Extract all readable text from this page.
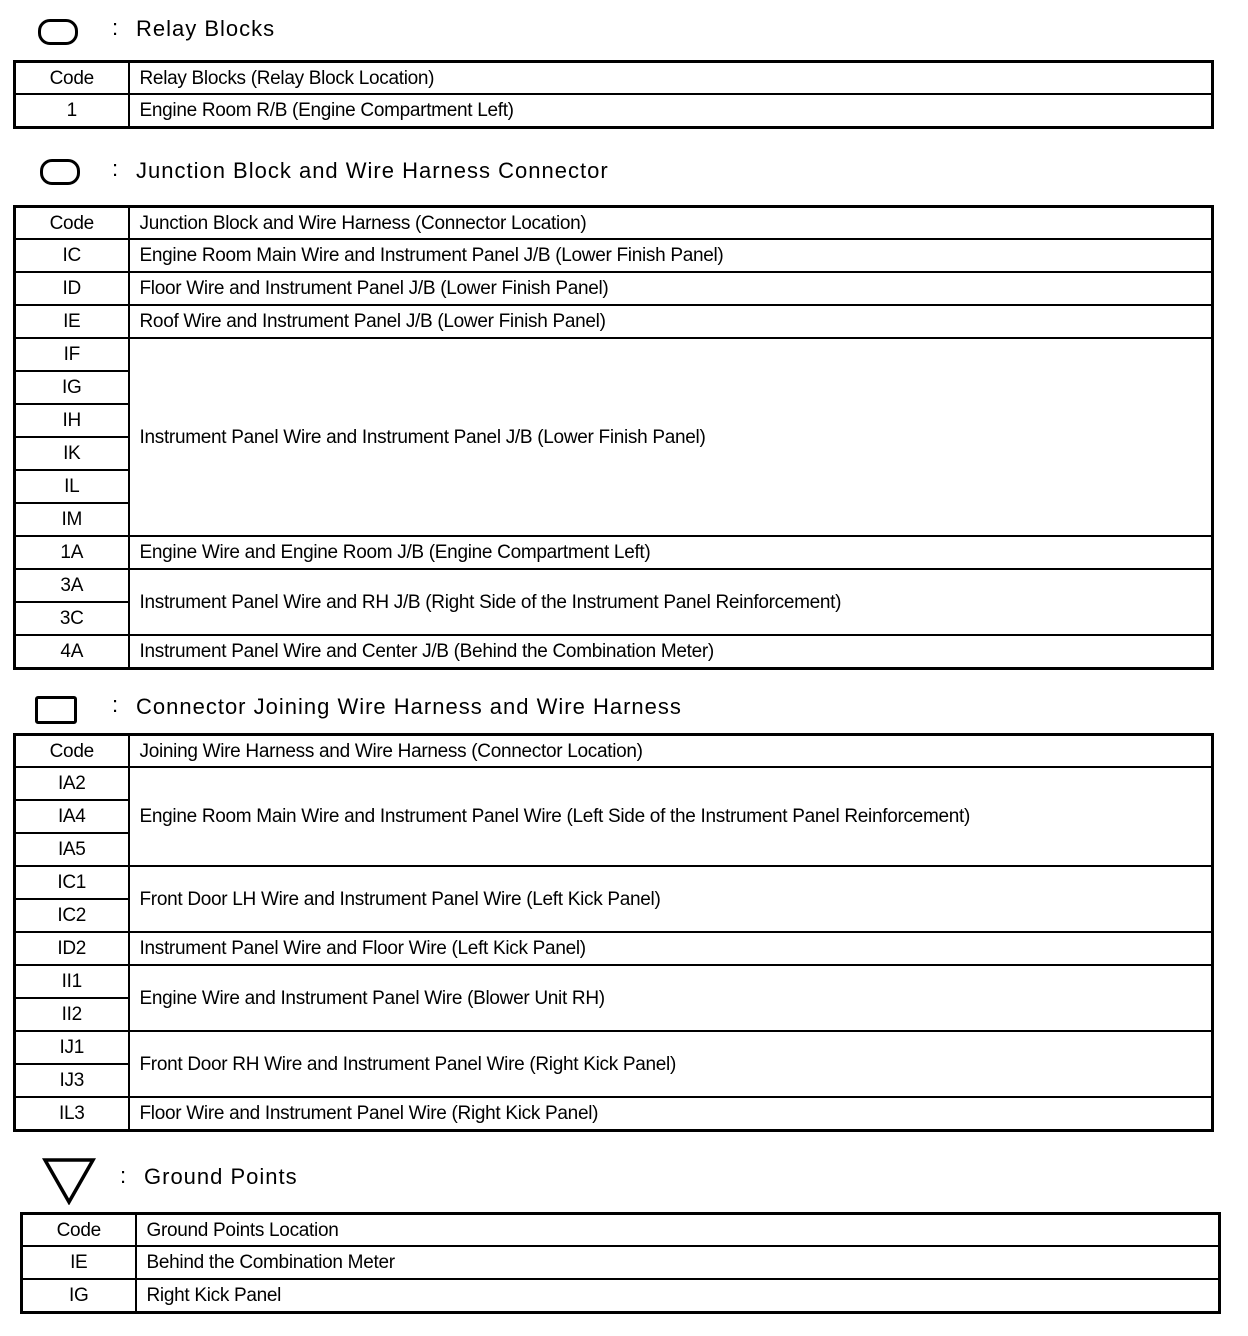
: Relay Blocks
Code	Relay Blocks (Relay Block Location)
1	Engine Room R/B (Engine Compartment Left)
: Junction Block and Wire Harness Connector
Code	Junction Block and Wire Harness (Connector Location)
IC	Engine Room Main Wire and Instrument Panel J/B (Lower Finish Panel)
ID	Floor Wire and Instrument Panel J/B (Lower Finish Panel)
IE	Roof Wire and Instrument Panel J/B (Lower Finish Panel)
IF	Instrument Panel Wire and Instrument Panel J/B (Lower Finish Panel)
IG	
IH	
IK	
IL	
IM	
1A	Engine Wire and Engine Room J/B (Engine Compartment Left)
3A	Instrument Panel Wire and RH J/B (Right Side of the Instrument Panel Reinforcement)
3C	
4A	Instrument Panel Wire and Center J/B (Behind the Combination Meter)
: Connector Joining Wire Harness and Wire Harness
Code	Joining Wire Harness and Wire Harness (Connector Location)
IA2	Engine Room Main Wire and Instrument Panel Wire (Left Side of the Instrument Panel Reinforcement)
IA4	
IA5	
IC1	Front Door LH Wire and Instrument Panel Wire (Left Kick Panel)
IC2	
ID2	Instrument Panel Wire and Floor Wire (Left Kick Panel)
II1	Engine Wire and Instrument Panel Wire (Blower Unit RH)
II2	
IJ1	Front Door RH Wire and Instrument Panel Wire (Right Kick Panel)
IJ3	
IL3	Floor Wire and Instrument Panel Wire (Right Kick Panel)
: Ground Points
Code	Ground Points Location
IE	Behind the Combination Meter
IG	Right Kick Panel
